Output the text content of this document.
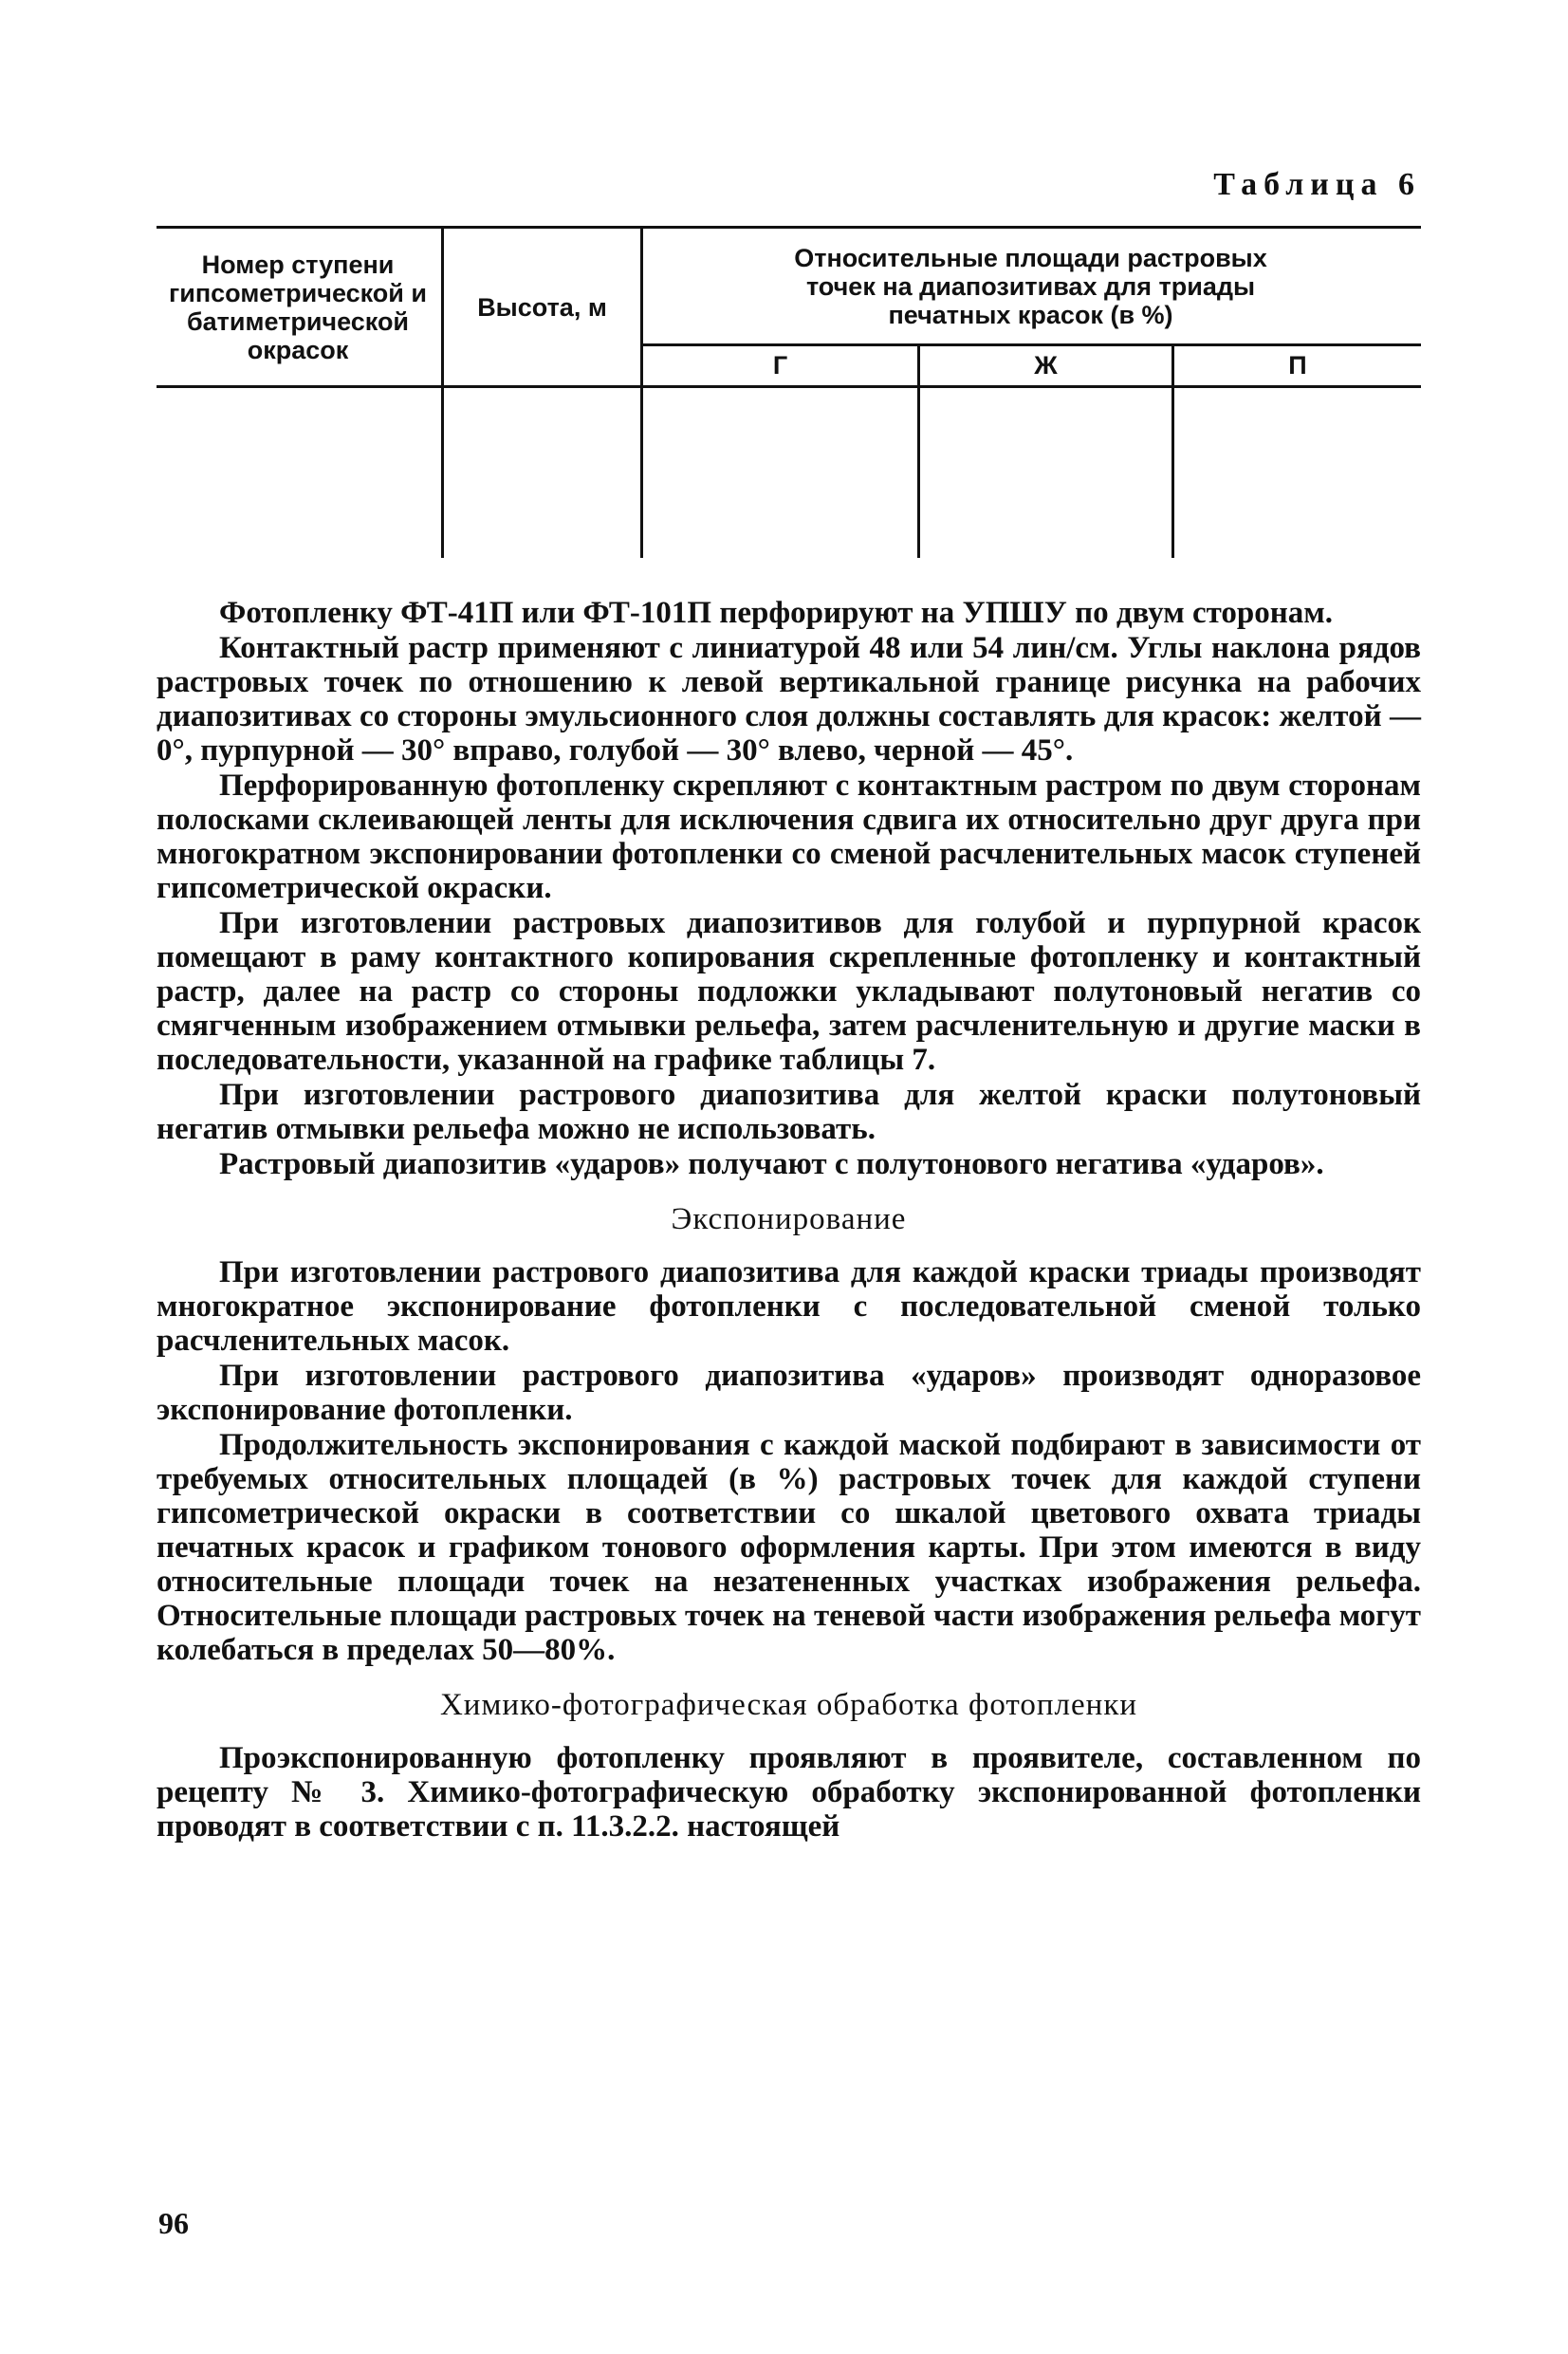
Таблица 6
Номер ступени гипсометрической и батиметрической окрасок
Высота, м
Относительные площади растровых точек на диапозитивах для триады печатных красок (в %)
Г	Ж	П

Фотопленку ФТ-41П или ФТ-101П перфорируют на УПШУ по двум сторонам.

Контактный растр применяют с линиатурой 48 или 54 лин/см. Углы наклона рядов растровых точек по отношению к левой вертикальной границе рисунка на рабочих диапозитивах со стороны эмульсионного слоя должны составлять для красок: желтой — 0°, пурпурной — 30° вправо, голубой — 30° влево, черной — 45°.

Перфорированную фотопленку скрепляют с контактным растром по двум сторонам полосками склеивающей ленты для исключения сдвига их относительно друг друга при многократном экспонировании фотопленки со сменой расчленительных масок ступеней гипсометрической окраски.

При изготовлении растровых диапозитивов для голубой и пурпурной красок помещают в раму контактного копирования скрепленные фотопленку и контактный растр, далее на растр со стороны подложки укладывают полутоновый негатив со смягченным изображением отмывки рельефа, затем расчленительную и другие маски в последовательности, указанной на графике таблицы 7.

При изготовлении растрового диапозитива для желтой краски полутоновый негатив отмывки рельефа можно не использовать.

Растровый диапозитив «ударов» получают с полутонового негатива «ударов».

Экспонирование

При изготовлении растрового диапозитива для каждой краски триады производят многократное экспонирование фотопленки с последовательной сменой только расчленительных масок.

При изготовлении растрового диапозитива «ударов» производят одноразовое экспонирование фотопленки.

Продолжительность экспонирования с каждой маской подбирают в зависимости от требуемых относительных площадей (в %) растровых точек для каждой ступени гипсометрической окраски в соответствии со шкалой цветового охвата триады печатных красок и графиком тонового оформления карты. При этом имеются в виду относительные площади точек на незатененных участках изображения рельефа. Относительные площади растровых точек на теневой части изображения рельефа могут колебаться в пределах 50—80%.

Химико-фотографическая обработка фотопленки

Проэкспонированную фотопленку проявляют в проявителе, составленном по рецепту № 3. Химико-фотографическую обработку экспонированной фотопленки проводят в соответствии с п. 11.3.2.2. настоящей

96
